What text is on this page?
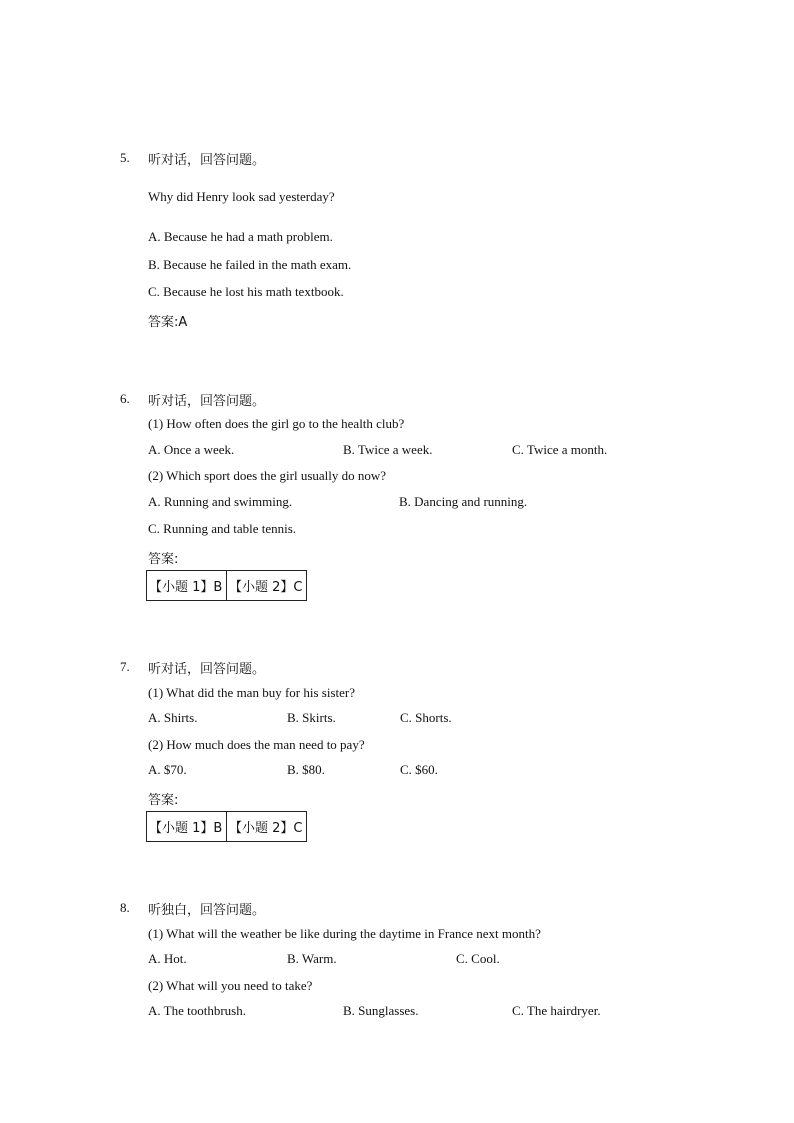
5. 听对话，回答问题。
Why did Henry look sad yesterday?
A. Because he had a math problem.
B. Because he failed in the math exam.
C. Because he lost his math textbook.
答案:A
6. 听对话，回答问题。
(1) How often does the girl go to the health club?
A. Once a week.	B. Twice a week.	C. Twice a month.
(2) Which sport does the girl usually do now?
A. Running and swimming.	B. Dancing and running.
C. Running and table tennis.
答案:
【小题 1】B	【小题 2】C
7. 听对话，回答问题。
(1) What did the man buy for his sister?
A. Shirts.	B. Skirts.	C. Shorts.
(2) How much does the man need to pay?
A. $70.	B. $80.	C. $60.
答案:
【小题 1】B	【小题 2】C
8. 听独白，回答问题。
(1) What will the weather be like during the daytime in France next month?
A. Hot.	B. Warm.	C. Cool.
(2) What will you need to take?
A. The toothbrush.	B. Sunglasses.	C. The hairdryer.
